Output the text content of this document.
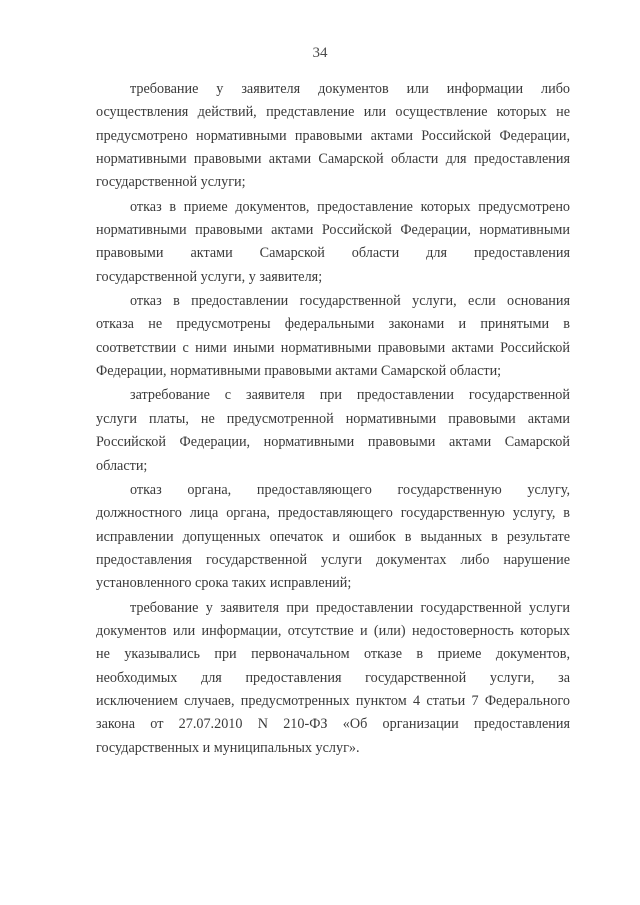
34
требование у заявителя документов или информации либо
осуществления действий, представление или осуществление которых не
предусмотрено нормативными правовыми актами Российской Федерации,
нормативными правовыми актами Самарской области для предоставления
государственной услуги;
отказ в приеме документов, предоставление которых предусмотрено
нормативными правовыми актами Российской Федерации, нормативными
правовыми актами Самарской области для предоставления
государственной услуги, у заявителя;
отказ в предоставлении государственной услуги, если основания
отказа не предусмотрены федеральными законами и принятыми в
соответствии с ними иными нормативными правовыми актами Российской
Федерации, нормативными правовыми актами Самарской области;
затребование с заявителя при предоставлении государственной
услуги платы, не предусмотренной нормативными правовыми актами
Российской Федерации, нормативными правовыми актами Самарской
области;
отказ органа, предоставляющего государственную услугу,
должностного лица органа, предоставляющего государственную услугу, в
исправлении допущенных опечаток и ошибок в выданных в результате
предоставления государственной услуги документах либо нарушение
установленного срока таких исправлений;
требование у заявителя при предоставлении государственной услуги
документов или информации, отсутствие и (или) недостоверность которых
не указывались при первоначальном отказе в приеме документов,
необходимых для предоставления государственной услуги, за
исключением случаев, предусмотренных пунктом 4 статьи 7 Федерального
закона от 27.07.2010 N 210-ФЗ «Об организации предоставления
государственных и муниципальных услуг».
